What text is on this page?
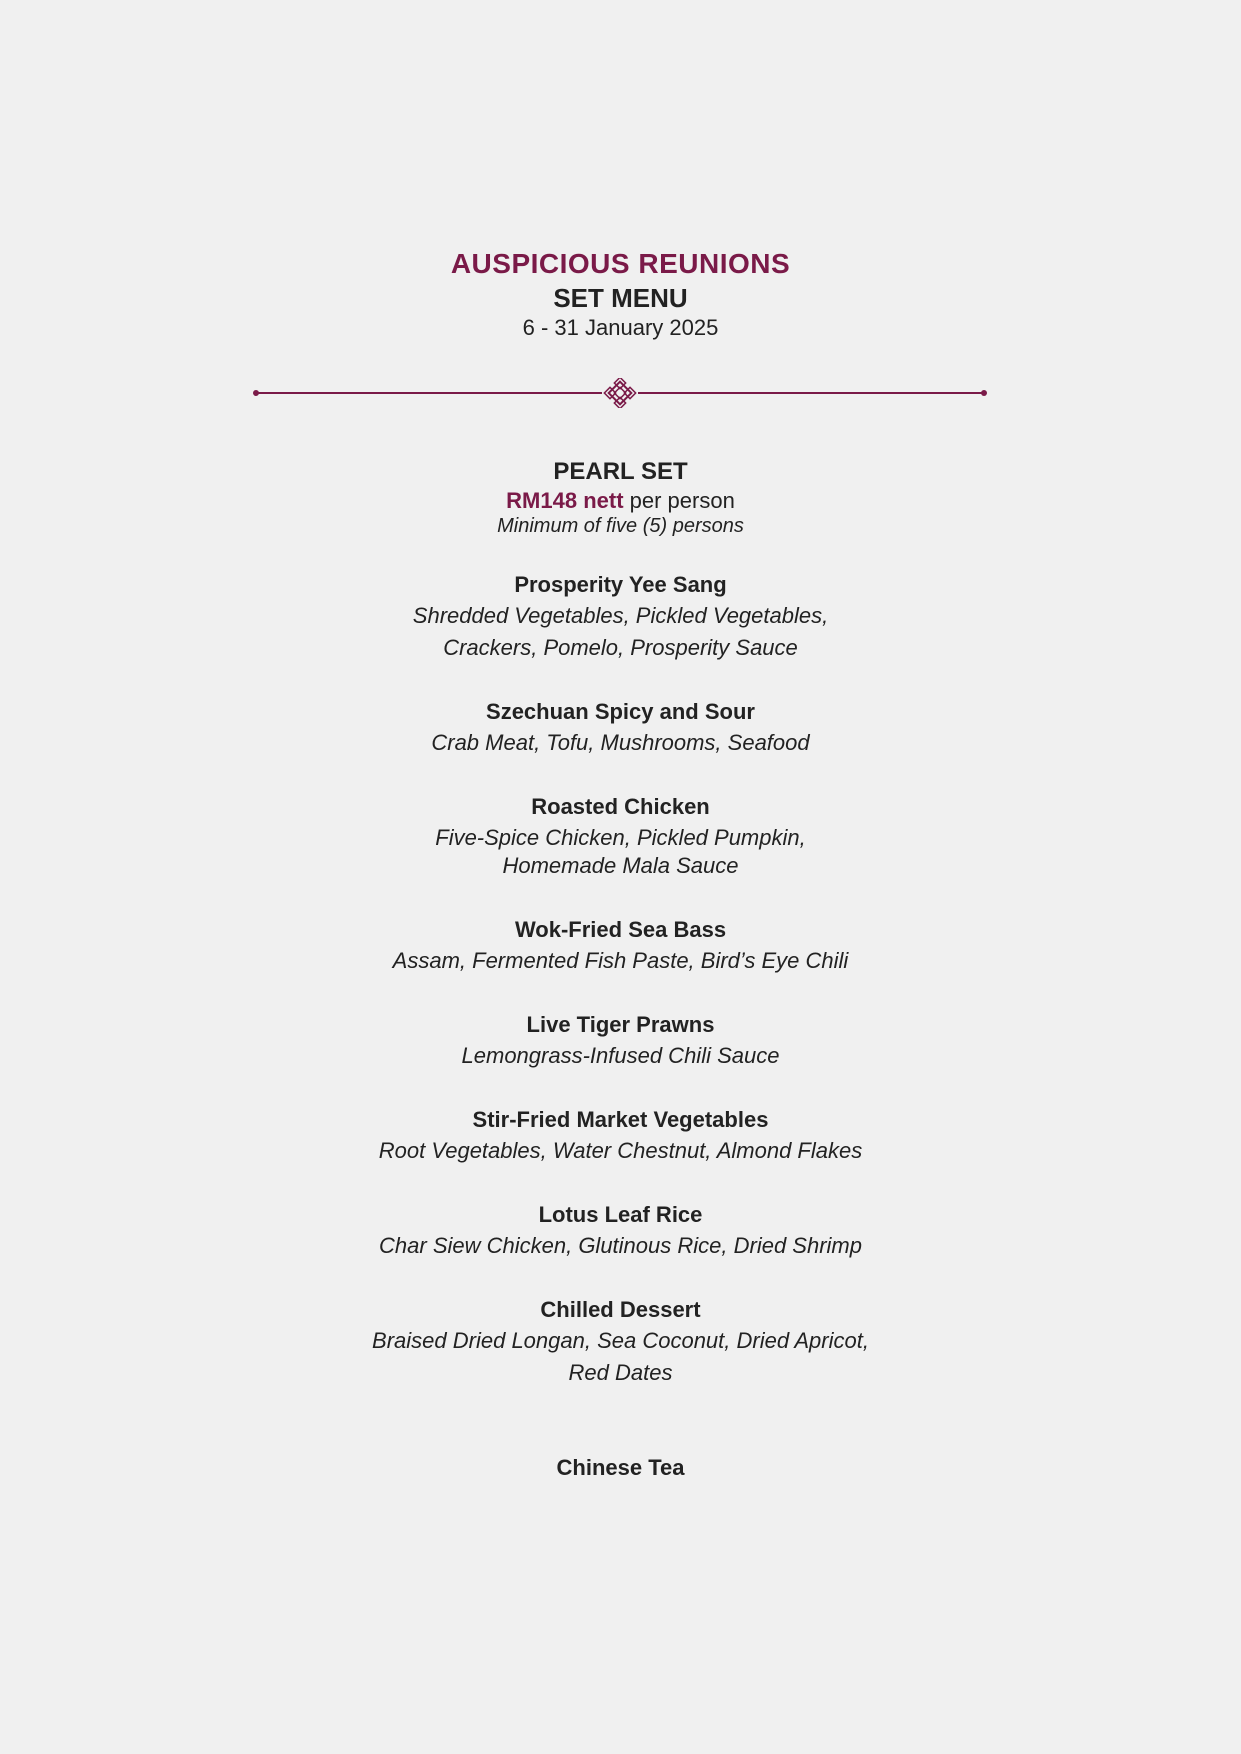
AUSPICIOUS REUNIONS
SET MENU
6 - 31 January 2025
PEARL SET
RM148 nett per person
Minimum of five (5) persons
Prosperity Yee Sang
Shredded Vegetables, Pickled Vegetables,
Crackers, Pomelo, Prosperity Sauce
Szechuan Spicy and Sour
Crab Meat, Tofu, Mushrooms, Seafood
Roasted Chicken
Five-Spice Chicken, Pickled Pumpkin,
Homemade Mala Sauce
Wok-Fried Sea Bass
Assam, Fermented Fish Paste, Bird’s Eye Chili
Live Tiger Prawns
Lemongrass-Infused Chili Sauce
Stir-Fried Market Vegetables
Root Vegetables, Water Chestnut, Almond Flakes
Lotus Leaf Rice
Char Siew Chicken, Glutinous Rice, Dried Shrimp
Chilled Dessert
Braised Dried Longan, Sea Coconut, Dried Apricot,
Red Dates
Chinese Tea
